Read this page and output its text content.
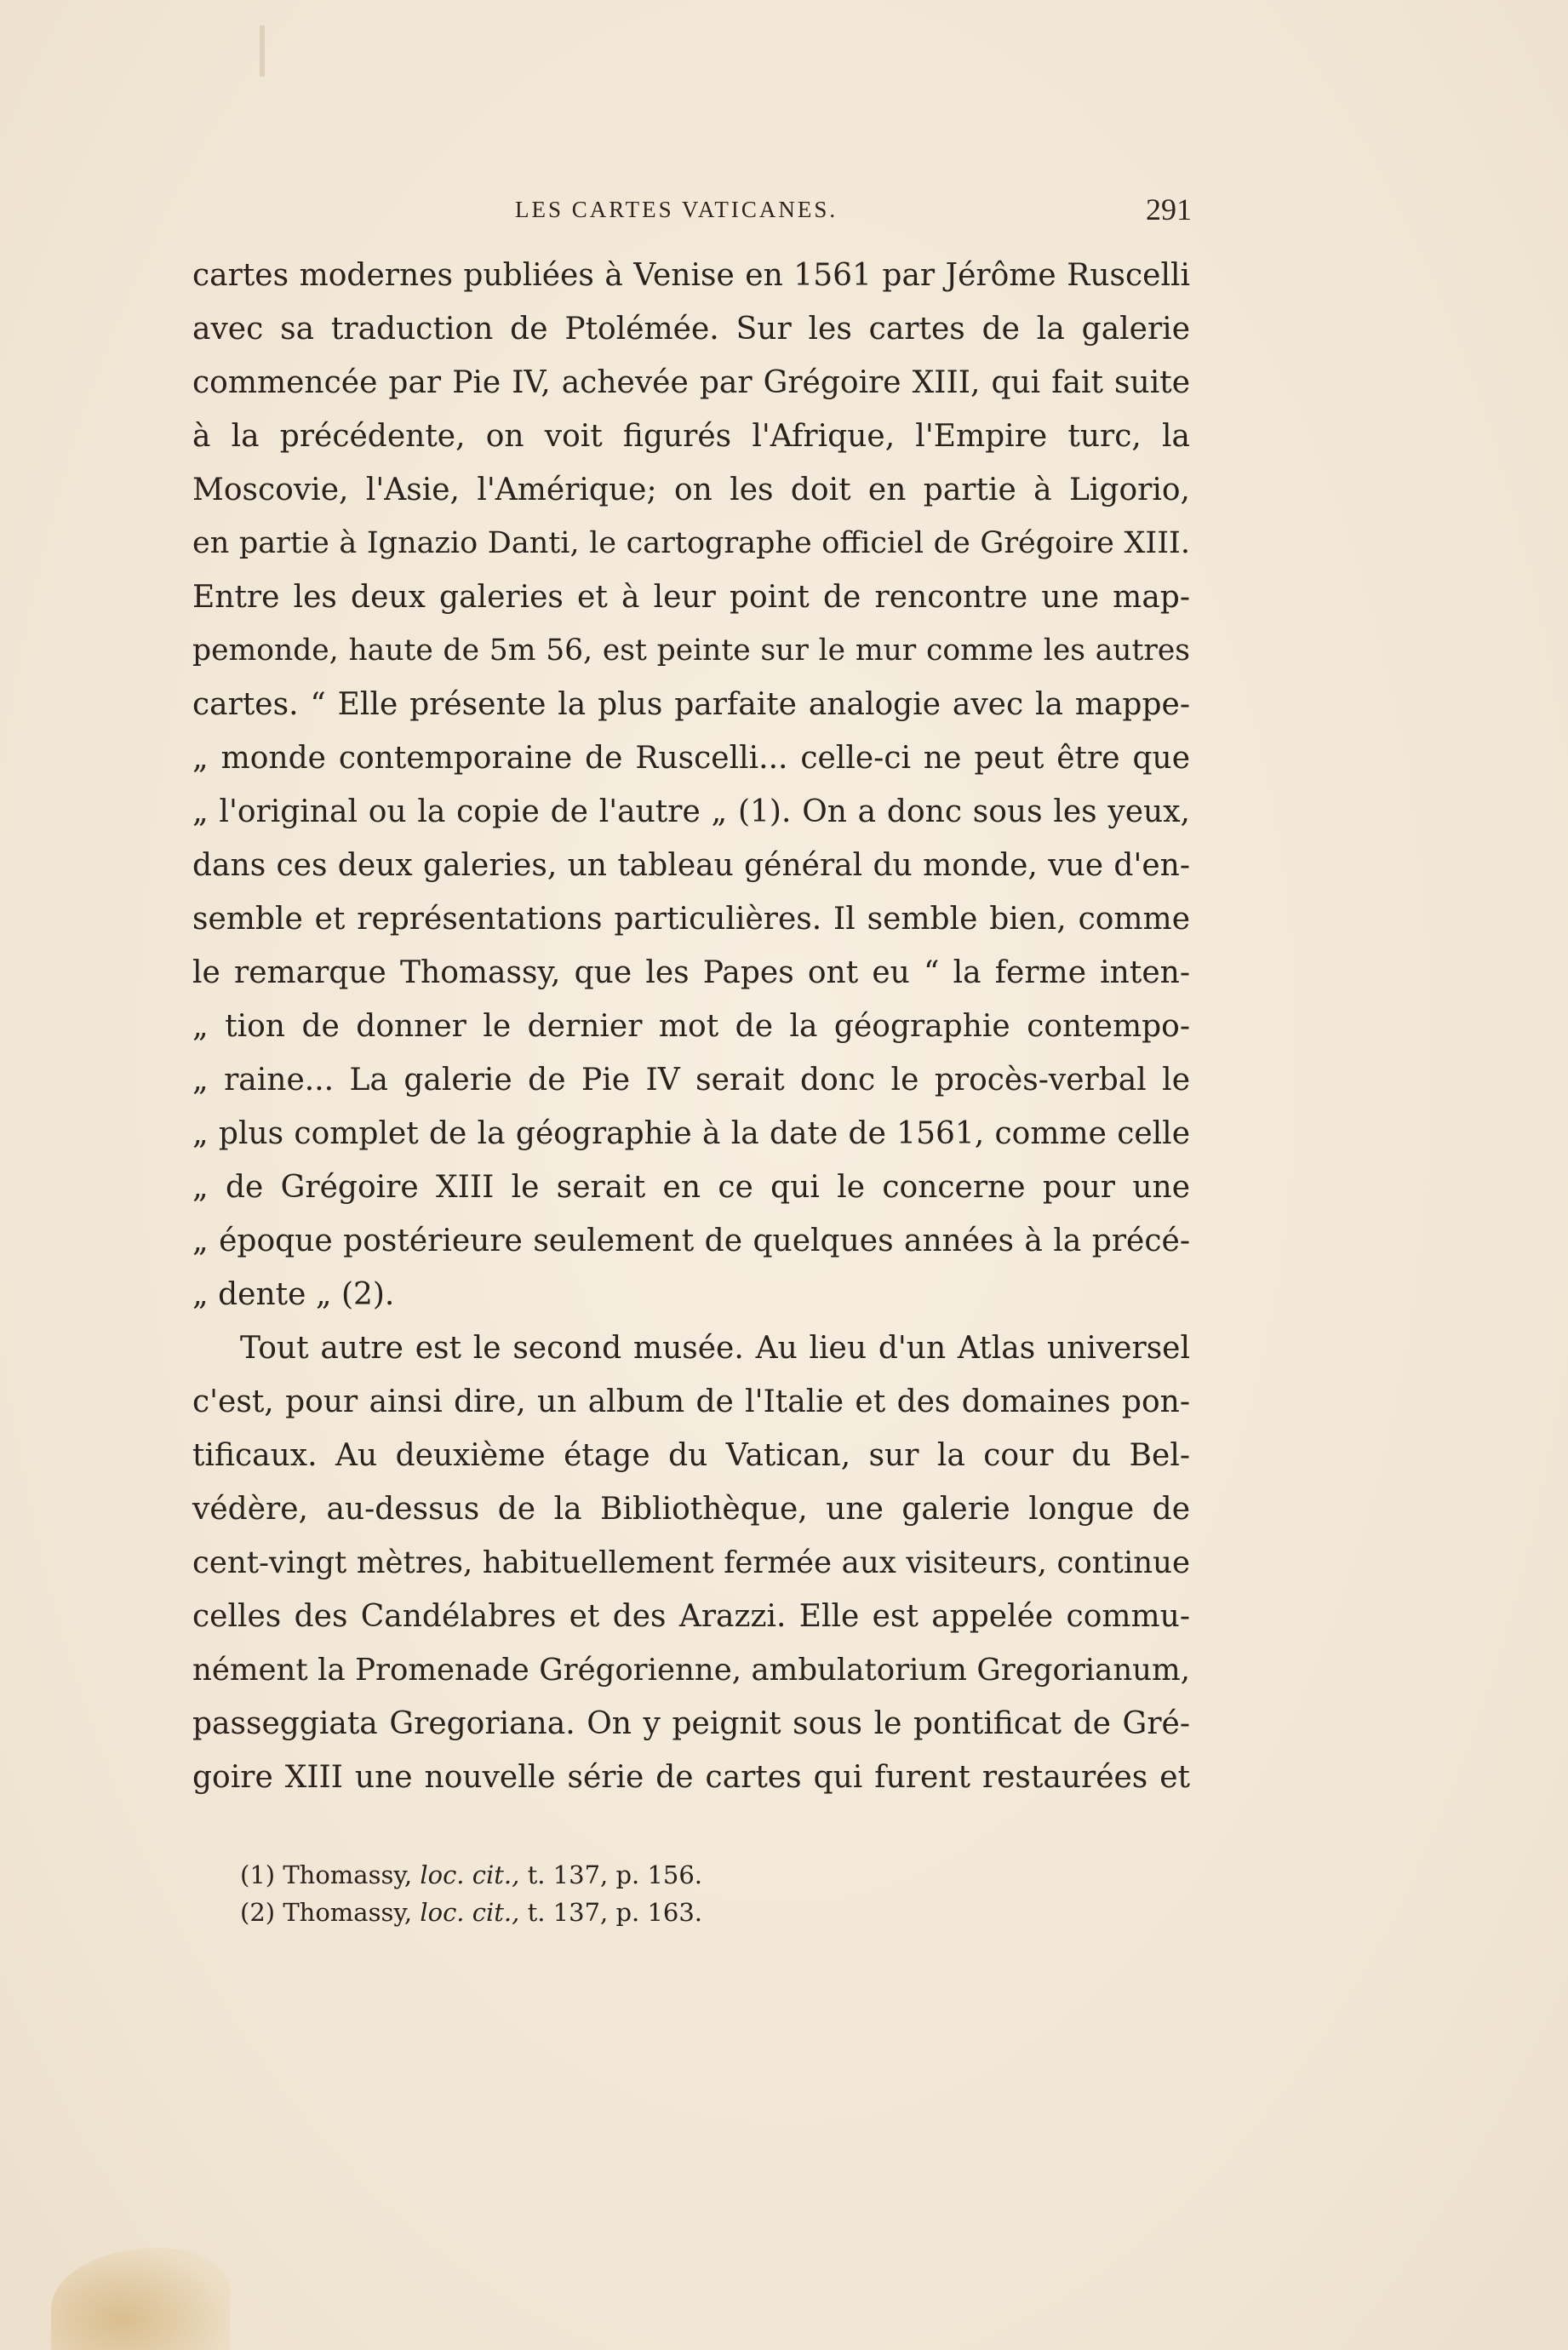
LES CARTES VATICANES.	291
cartes modernes publiées à Venise en 1561 par Jérôme Ruscelli
avec sa traduction de Ptolémée. Sur les cartes de la galerie
commencée par Pie IV, achevée par Grégoire XIII, qui fait suite
à la précédente, on voit figurés l'Afrique, l'Empire turc, la
Moscovie, l'Asie, l'Amérique; on les doit en partie à Ligorio,
en partie à Ignazio Danti, le cartographe officiel de Grégoire XIII.
Entre les deux galeries et à leur point de rencontre une map-
pemonde, haute de 5m 56, est peinte sur le mur comme les autres
cartes. “ Elle présente la plus parfaite analogie avec la mappe-
„ monde contemporaine de Ruscelli... celle-ci ne peut être que
„ l'original ou la copie de l'autre „ (1). On a donc sous les yeux,
dans ces deux galeries, un tableau général du monde, vue d'en-
semble et représentations particulières. Il semble bien, comme
le remarque Thomassy, que les Papes ont eu “ la ferme inten-
„ tion de donner le dernier mot de la géographie contempo-
„ raine... La galerie de Pie IV serait donc le procès-verbal le
„ plus complet de la géographie à la date de 1561, comme celle
„ de Grégoire XIII le serait en ce qui le concerne pour une
„ époque postérieure seulement de quelques années à la précé-
„ dente „ (2).
Tout autre est le second musée. Au lieu d'un Atlas universel
c'est, pour ainsi dire, un album de l'Italie et des domaines pon-
tificaux. Au deuxième étage du Vatican, sur la cour du Bel-
védère, au-dessus de la Bibliothèque, une galerie longue de
cent-vingt mètres, habituellement fermée aux visiteurs, continue
celles des Candélabres et des Arazzi. Elle est appelée commu-
nément la Promenade Grégorienne, ambulatorium Gregorianum,
passeggiata Gregoriana. On y peignit sous le pontificat de Gré-
goire XIII une nouvelle série de cartes qui furent restaurées et
(1) Thomassy, loc. cit., t. 137, p. 156.
(2) Thomassy, loc. cit., t. 137, p. 163.
